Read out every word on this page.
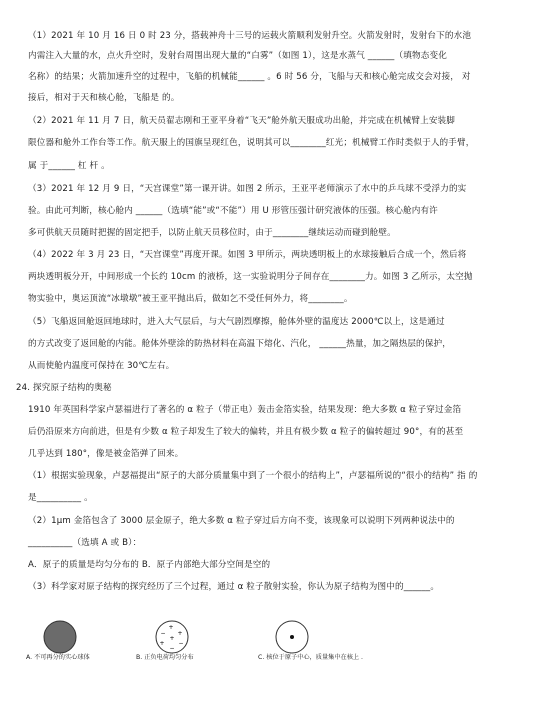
（1）2021 年 10 月 16 日 0 时 23 分，搭载神舟十三号的运载火箭顺利发射升空。火箭发射时，发射台下的水池
内需注入大量的水，点火升空时，发射台周围出现大量的“白雾”（如图 1），这是水蒸气 ______（填物态变化
名称）的结果；火箭加速升空的过程中，飞船的机械能______ 。6 时 56 分，飞船与天和核心舱完成交会对接， 对
接后，相对于天和核心舱，飞船是 的。
（2）2021 年 11 月 7 日，航天员翟志刚和王亚平身着“飞天”舱外航天服成功出舱，并完成在机械臂上安装脚
限位器和舱外工作台等工作。航天服上的国旗呈现红色，说明其可以________红光；机械臂工作时类似于人的手臂，
属 于______ 杠 杆 。
（3）2021 年 12 月 9 日，“天宫课堂”第一课开讲。如图 2 所示，王亚平老师演示了水中的乒乓球不受浮力的实
验。由此可判断，核心舱内 ______（选填“能”或“不能”）用 U 形管压强计研究液体的压强。核心舱内有许
多可供航天员随时把握的固定把手，以防止航天员移位时，由于________继续运动而碰到舱壁。
（4）2022 年 3 月 23 日，“天宫课堂”再度开课。如图 3 甲所示，两块透明板上的水球接触后合成一个，然后将
两块透明板分开，中间形成一个长约 10cm 的液桥，这一实验说明分子间存在________力。如图 3 乙所示，太空抛
物实验中，奥运顶流“冰墩墩”被王亚平抛出后，做如乞不受任何外力，将________。
（5）飞船返回舱返回地球时，进入大气层后，与大气剧烈摩擦，舱体外壁的温度达 2000℃以上，这是通过
的方式改变了返回舱的内能。舱体外壁涂的防热材料在高温下熔化、汽化， ______热量，加之隔热层的保护，
从而使舱内温度可保持在 30℃左右。
24. 探究原子结构的奥秘
1910 年英国科学家卢瑟福进行了著名的 α 粒子（带正电）轰击金箔实验，结果发现：绝大多数 α 粒子穿过金箔
后仍沿原来方向前进，但是有少数 α 粒子却发生了较大的偏转，并且有极少数 α 粒子的偏转超过 90°，有的甚至
几乎达到 180°，像是被金箔弹了回来。
（1）根据实验现象，卢瑟福提出“原子的大部分质量集中到了一个很小的结构上”，卢瑟福所说的“很小的结构” 指 的
是__________ 。
（2）1μm 金箔包含了 3000 层金原子，绝大多数 α 粒子穿过后方向不变，该现象可以说明下列两种说法中的
__________（选填 A 或 B）：
A．原子的质量是均匀分布的 B．原子内部绝大部分空间是空的
（3）科学家对原子结构的探究经历了三个过程，通过 α 粒子散射实验，你认为原子结构为图中的______。
A. 不可再分的实心球体
+
− +
+
+ −
−
B. 正负电荷均匀分布	C. 核位于原子中心，质量集中在核上 .
